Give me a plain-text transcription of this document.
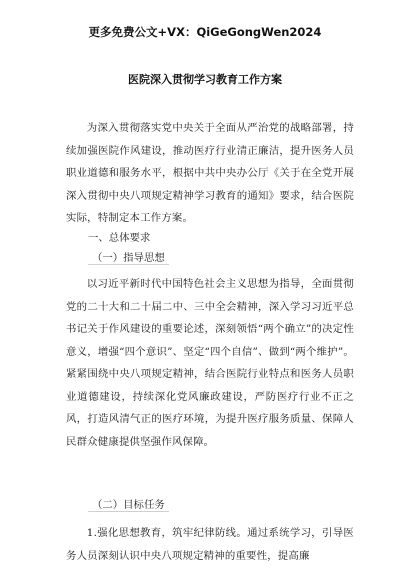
更多免费公文+VX：QiGeGongWen2024
医院深入贯彻学习教育工作方案
为深入贯彻落实党中央关于全面从严治党的战略部署，持续加强医院作风建设，推动医疗行业清正廉洁，提升医务人员职业道德和服务水平，根据中共中央办公厅《关于在全党开展深入贯彻中央八项规定精神学习教育的通知》要求，结合医院实际，特制定本工作方案。
一、总体要求
（一）指导思想
以习近平新时代中国特色社会主义思想为指导，全面贯彻党的二十大和二十届二中、三中全会精神，深入学习习近平总书记关于作风建设的重要论述，深刻领悟“两个确立”的决定性意义，增强“四个意识”、坚定“四个自信”、做到“两个维护”。紧紧围绕中央八项规定精神，结合医院行业特点和医务人员职业道德建设，持续深化党风廉政建设，严防医疗行业不正之风，打造风清气正的医疗环境，为提升医疗服务质量、保障人民群众健康提供坚强作风保障。
（二）目标任务
1.强化思想教育，筑牢纪律防线。通过系统学习，引导医务人员深刻认识中央八项规定精神的重要性，提高廉
